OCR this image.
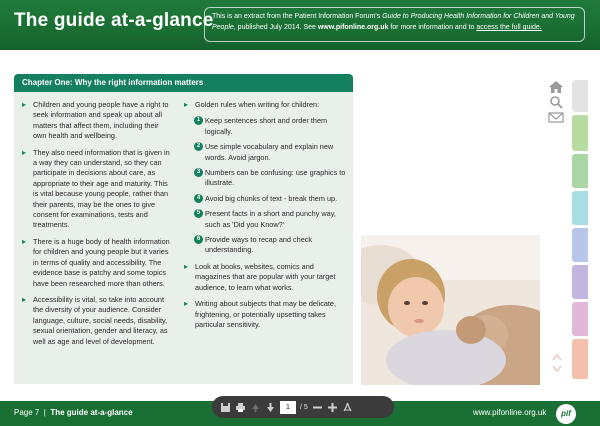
The guide at-a-glance
This is an extract from the Patient Information Forum's Guide to Producing Health Information for Children and Young People, published July 2014. See www.pifonline.org.uk for more information and to access the full guide.
Chapter One: Why the right information matters
▸ Children and young people have a right to seek information and speak up about all matters that affect them, including their own health and wellbeing.
▸ They also need information that is given in a way they can understand, so they can participate in decisions about care, as appropriate to their age and maturity. This is vital because young people, rather than their parents, may be the ones to give consent for examinations, tests and treatments.
▸ There is a huge body of health information for children and young people but it varies in terms of quality and accessibility. The evidence base is patchy and some topics have been researched more than others.
▸ Accessibility is vital, so take into account the diversity of your audience. Consider language, culture, social needs, disability, sexual orientation, gender and literacy, as well as age and level of development.
▸ Golden rules when writing for children:
1 Keep sentences short and order them logically.
2 Use simple vocabulary and explain new words. Avoid jargon.
3 Numbers can be confusing: use graphics to illustrate.
4 Avoid big chunks of text - break them up.
5 Present facts in a short and punchy way, such as 'Did you Know?'
6 Provide ways to recap and check understanding.
▸ Look at books, websites, comics and magazines that are popular with your target audience, to learn what works.
▸ Writing about subjects that may be delicate, frightening, or potentially upsetting takes particular sensitivity.
Page 7  |  The guide at-a-glance	www.pifonline.org.uk	pif
1
/ 5
